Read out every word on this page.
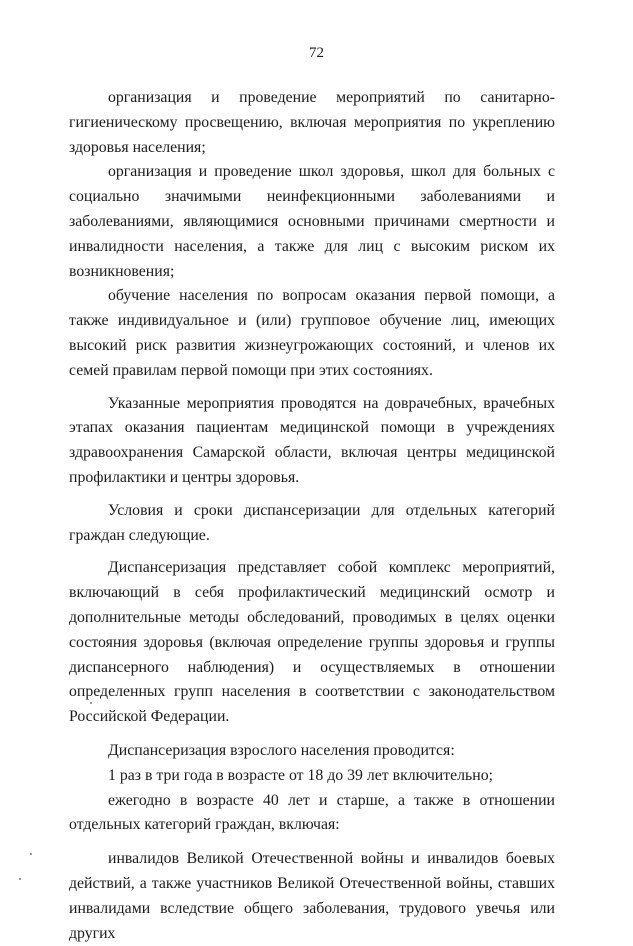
72

организация и проведение мероприятий по санитарно-гигиеническому просвещению, включая мероприятия по укреплению здоровья населения;

организация и проведение школ здоровья, школ для больных с социально значимыми неинфекционными заболеваниями и заболеваниями, являющимися основными причинами смертности и инвалидности населения, а также для лиц с высоким риском их возникновения;

обучение населения по вопросам оказания первой помощи, а также индивидуальное и (или) групповое обучение лиц, имеющих высокий риск развития жизнеугрожающих состояний, и членов их семей правилам первой помощи при этих состояниях.

Указанные мероприятия проводятся на доврачебных, врачебных этапах оказания пациентам медицинской помощи в учреждениях здравоохранения Самарской области, включая центры медицинской профилактики и центры здоровья.

Условия и сроки диспансеризации для отдельных категорий граждан следующие.

Диспансеризация представляет собой комплекс мероприятий, включающий в себя профилактический медицинский осмотр и дополнительные методы обследований, проводимых в целях оценки состояния здоровья (включая определение группы здоровья и группы диспансерного наблюдения) и осуществляемых в отношении определенных групп населения в соответствии с законодательством Российской Федерации.

Диспансеризация взрослого населения проводится:

1 раз в три года в возрасте от 18 до 39 лет включительно;

ежегодно в возрасте 40 лет и старше, а также в отношении отдельных категорий граждан, включая:

инвалидов Великой Отечественной войны и инвалидов боевых действий, а также участников Великой Отечественной войны, ставших инвалидами вследствие общего заболевания, трудового увечья или других
